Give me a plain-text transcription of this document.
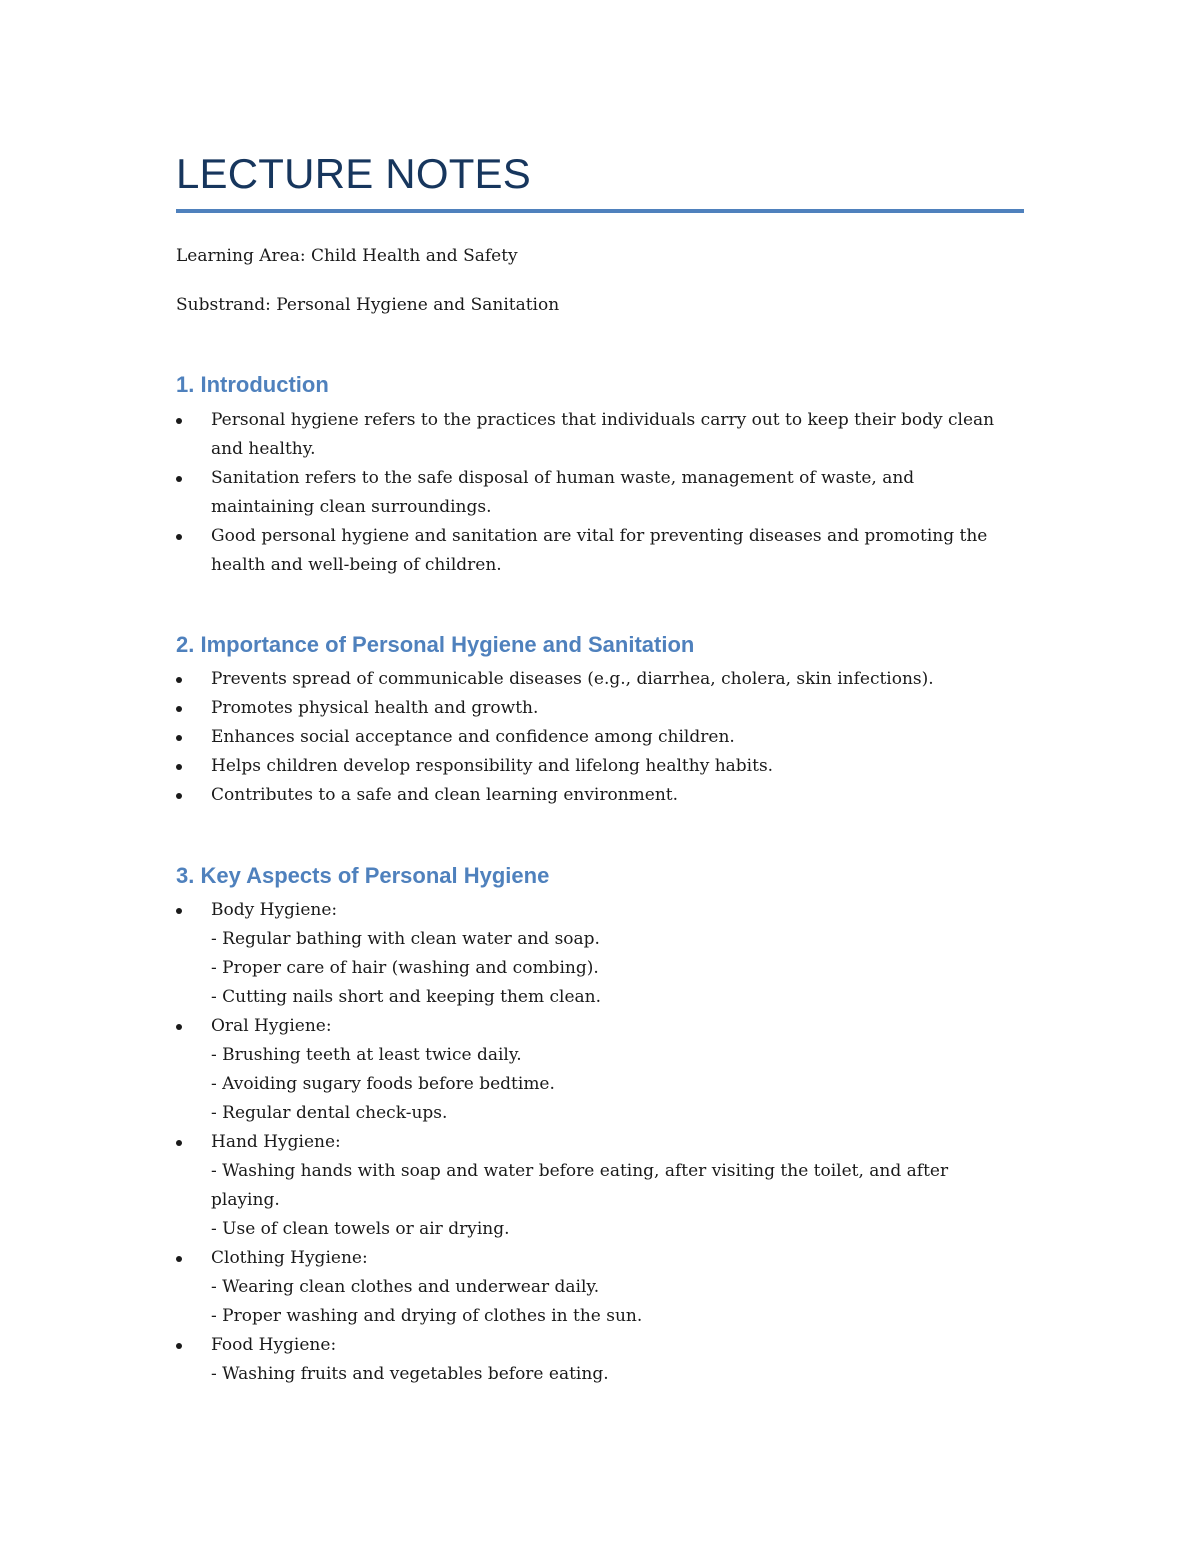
LECTURE NOTES

Learning Area: Child Health and Safety

Substrand: Personal Hygiene and Sanitation

1. Introduction
Personal hygiene refers to the practices that individuals carry out to keep their body clean and healthy.
Sanitation refers to the safe disposal of human waste, management of waste, and maintaining clean surroundings.
Good personal hygiene and sanitation are vital for preventing diseases and promoting the health and well-being of children.
2. Importance of Personal Hygiene and Sanitation
Prevents spread of communicable diseases (e.g., diarrhea, cholera, skin infections).
Promotes physical health and growth.
Enhances social acceptance and confidence among children.
Helps children develop responsibility and lifelong healthy habits.
Contributes to a safe and clean learning environment.
3. Key Aspects of Personal Hygiene
Body Hygiene:
- Regular bathing with clean water and soap.
- Proper care of hair (washing and combing).
- Cutting nails short and keeping them clean.
Oral Hygiene:
- Brushing teeth at least twice daily.
- Avoiding sugary foods before bedtime.
- Regular dental check-ups.
Hand Hygiene:
- Washing hands with soap and water before eating, after visiting the toilet, and after playing.
- Use of clean towels or air drying.
Clothing Hygiene:
- Wearing clean clothes and underwear daily.
- Proper washing and drying of clothes in the sun.
Food Hygiene:
- Washing fruits and vegetables before eating.
